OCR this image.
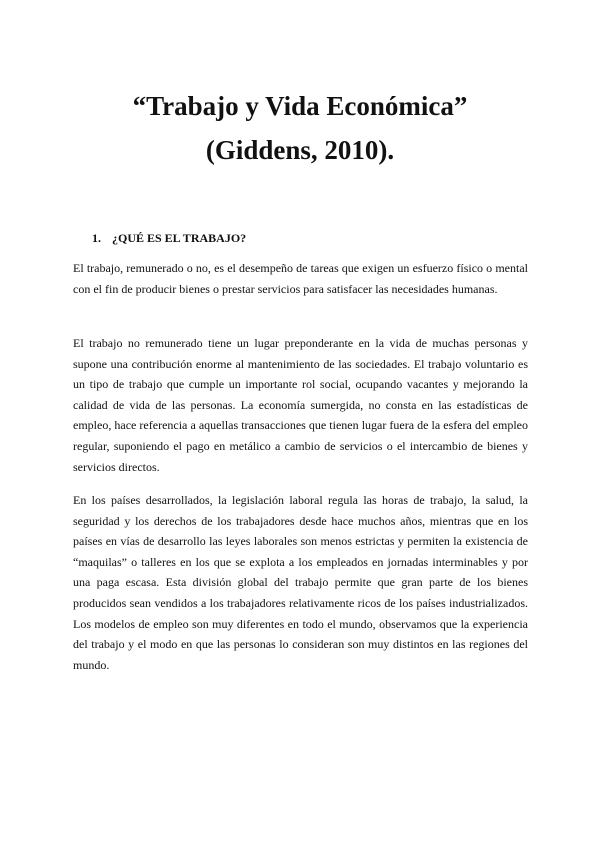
“Trabajo y Vida Económica”
(Giddens, 2010).
1. ¿QUÉ ES EL TRABAJO?

El trabajo, remunerado o no, es el desempeño de tareas que exigen un esfuerzo físico o mental con el fin de producir bienes o prestar servicios para satisfacer las necesidades humanas.

El trabajo no remunerado tiene un lugar preponderante en la vida de muchas personas y supone una contribución enorme al mantenimiento de las sociedades. El trabajo voluntario es un tipo de trabajo que cumple un importante rol social, ocupando vacantes y mejorando la calidad de vida de las personas. La economía sumergida, no consta en las estadísticas de empleo, hace referencia a aquellas transacciones que tienen lugar fuera de la esfera del empleo regular, suponiendo el pago en metálico a cambio de servicios o el intercambio de bienes y servicios directos.

En los países desarrollados, la legislación laboral regula las horas de trabajo, la salud, la seguridad y los derechos de los trabajadores desde hace muchos años, mientras que en los países en vías de desarrollo las leyes laborales son menos estrictas y permiten la existencia de “maquilas” o talleres en los que se explota a los empleados en jornadas interminables y por una paga escasa. Esta división global del trabajo permite que gran parte de los bienes producidos sean vendidos a los trabajadores relativamente ricos de los países industrializados. Los modelos de empleo son muy diferentes en todo el mundo, observamos que la experiencia del trabajo y el modo en que las personas lo consideran son muy distintos en las regiones del mundo.
